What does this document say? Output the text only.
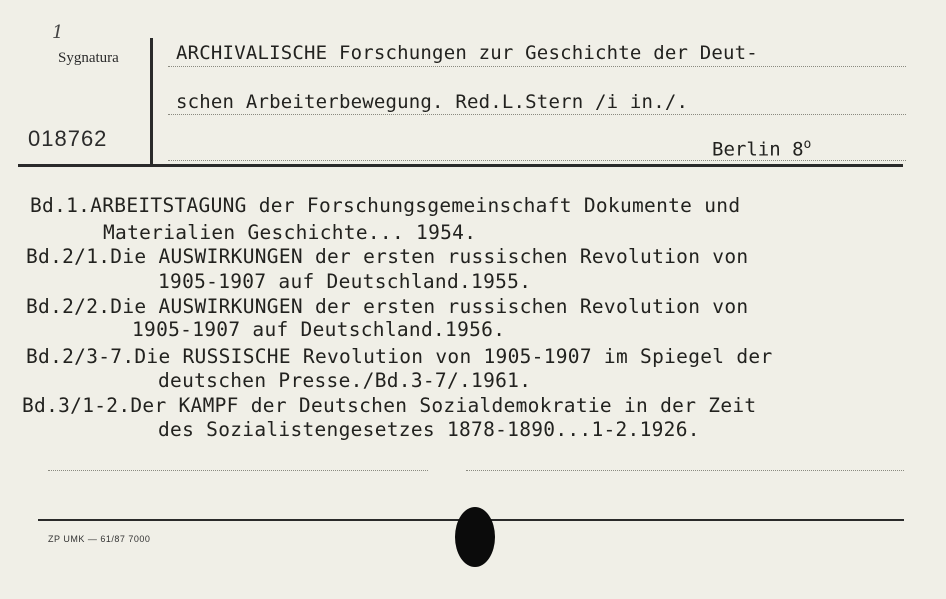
1
Sygnatura
018762
ARCHIVALISCHE Forschungen zur Geschichte der Deut-
schen Arbeiterbewegung. Red.L.Stern /i in./.
Berlin 8$^o$
Bd.1.ARBEITSTAGUNG der Forschungsgemeinschaft Dokumente und
Materialien Geschichte... 1954.
Bd.2/1.Die AUSWIRKUNGEN der ersten russischen Revolution von
1905-1907 auf Deutschland.1955.
Bd.2/2.Die AUSWIRKUNGEN der ersten russischen Revolution von
1905-1907 auf Deutschland.1956.
Bd.2/3-7.Die RUSSISCHE Revolution von 1905-1907 im Spiegel der
deutschen Presse./Bd.3-7/.1961.
Bd.3/1-2.Der KAMPF der Deutschen Sozialdemokratie in der Zeit
des Sozialistengesetzes 1878-1890...1-2.1926.
ZP UMK — 61/87 7000
